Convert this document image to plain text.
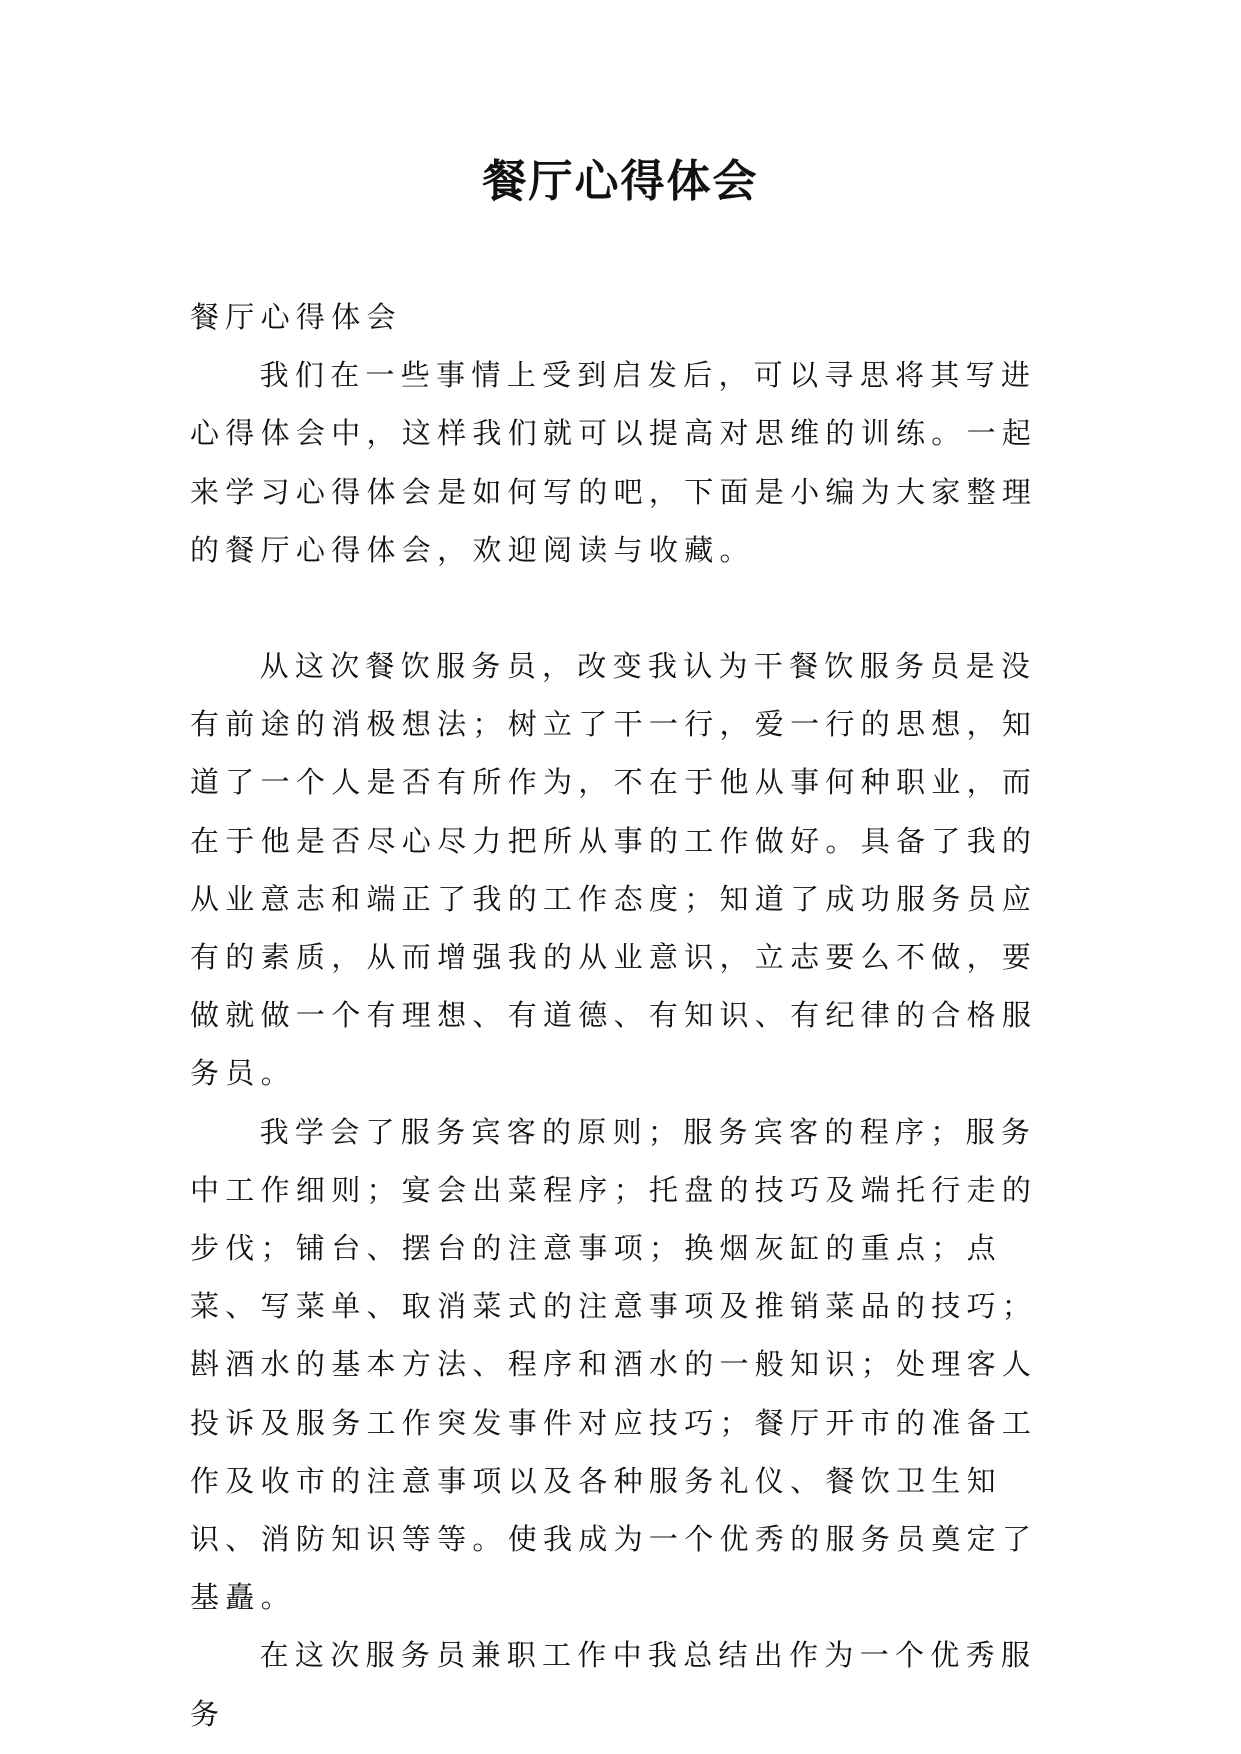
餐厅心得体会

餐厅心得体会

我们在一些事情上受到启发后，可以寻思将其写进心得体会中，这样我们就可以提高对思维的训练。一起来学习心得体会是如何写的吧，下面是小编为大家整理的餐厅心得体会，欢迎阅读与收藏。

从这次餐饮服务员，改变我认为干餐饮服务员是没有前途的消极想法；树立了干一行，爱一行的思想，知道了一个人是否有所作为，不在于他从事何种职业，而在于他是否尽心尽力把所从事的工作做好。具备了我的从业意志和端正了我的工作态度；知道了成功服务员应有的素质，从而增强我的从业意识，立志要么不做，要做就做一个有理想、有道德、有知识、有纪律的合格服务员。

我学会了服务宾客的原则；服务宾客的程序；服务中工作细则；宴会出菜程序；托盘的技巧及端托行走的步伐；铺台、摆台的注意事项；换烟灰缸的重点；点菜、写菜单、取消菜式的注意事项及推销菜品的技巧；斟酒水的基本方法、程序和酒水的一般知识；处理客人投诉及服务工作突发事件对应技巧；餐厅开市的准备工作及收市的注意事项以及各种服务礼仪、餐饮卫生知识、消防知识等等。使我成为一个优秀的服务员奠定了基矗。

在这次服务员兼职工作中我总结出作为一个优秀服务
